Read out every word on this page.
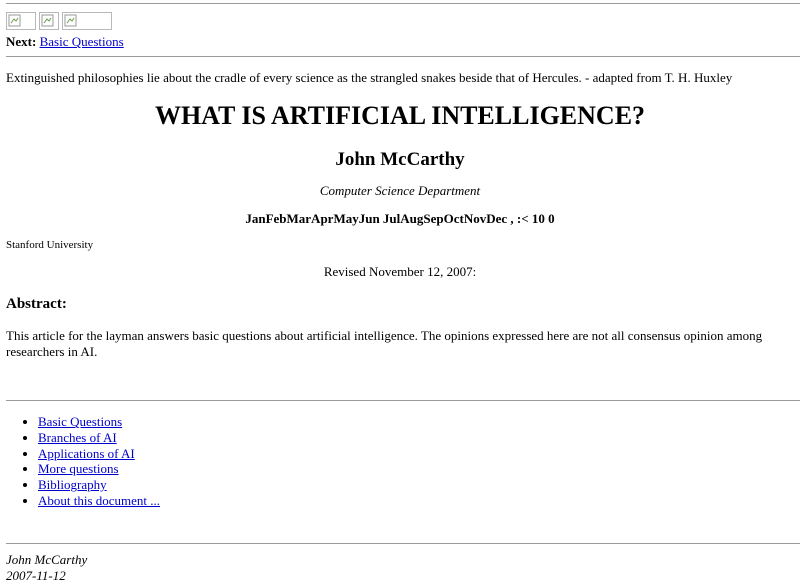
Next: Basic Questions
Extinguished philosophies lie about the cradle of every science as the strangled snakes beside that of Hercules. - adapted from T. H. Huxley
WHAT IS ARTIFICIAL INTELLIGENCE?
John McCarthy
Computer Science Department
JanFebMarAprMayJun JulAugSepOctNovDec , :< 10 0
Stanford University
Revised November 12, 2007:
Abstract:
This article for the layman answers basic questions about artificial intelligence. The opinions expressed here are not all consensus opinion among researchers in AI.
• Basic Questions
• Branches of AI
• Applications of AI
• More questions
• Bibliography
• About this document ...
John McCarthy
2007-11-12
